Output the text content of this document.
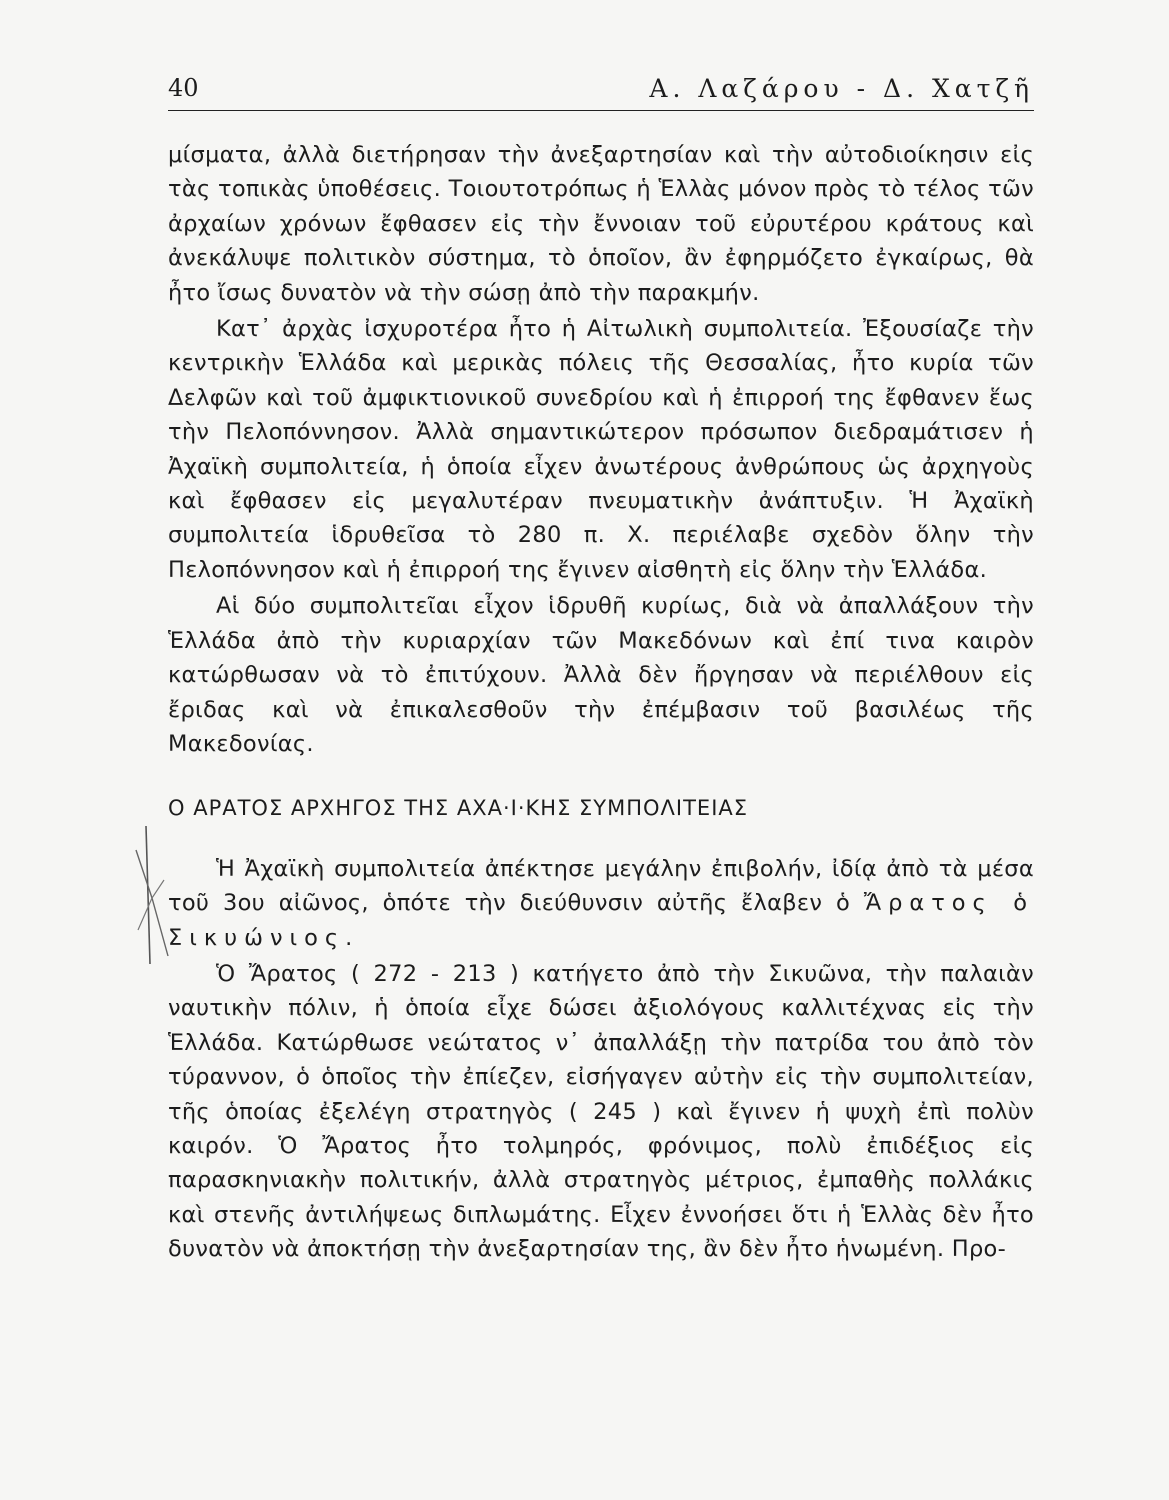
40	Α. Λαζάρου - Δ. Χατζῆ

μίσματα, ἀλλὰ διετήρησαν τὴν ἀνεξαρτησίαν καὶ τὴν αὐτοδιοίκησιν εἰς τὰς τοπικὰς ὑποθέσεις. Τοιουτοτρόπως ἡ Ἑλλὰς μόνον πρὸς τὸ τέλος τῶν ἀρχαίων χρόνων ἔφθασεν εἰς τὴν ἔννοιαν τοῦ εὐρυτέρου κράτους καὶ ἀνεκάλυψε πολιτικὸν σύστημα, τὸ ὁποῖον, ἂν ἐφηρμόζετο ἐγκαίρως, θὰ ἦτο ἴσως δυνατὸν νὰ τὴν σώσῃ ἀπὸ τὴν παρακμήν.

Κατ᾿ ἀρχὰς ἰσχυροτέρα ἦτο ἡ Αἰτωλικὴ συμπολιτεία. Ἐξουσίαζε τὴν κεντρικὴν Ἑλλάδα καὶ μερικὰς πόλεις τῆς Θεσσαλίας, ἦτο κυρία τῶν Δελφῶν καὶ τοῦ ἀμφικτιονικοῦ συνεδρίου καὶ ἡ ἐπιρροή της ἔφθανεν ἕως τὴν Πελοπόννησον. Ἀλλὰ σημαντικώτερον πρόσωπον διεδραμάτισεν ἡ Ἀχαϊκὴ συμπολιτεία, ἡ ὁποία εἶχεν ἀνωτέρους ἀνθρώπους ὡς ἀρχηγοὺς καὶ ἔφθασεν εἰς μεγαλυτέραν πνευματικὴν ἀνάπτυξιν. Ἡ Ἀχαϊκὴ συμπολιτεία ἱδρυθεῖσα τὸ 280 π. Χ. περιέλαβε σχεδὸν ὅλην τὴν Πελοπόννησον καὶ ἡ ἐπιρροή της ἔγινεν αἰσθητὴ εἰς ὅλην τὴν Ἑλλάδα.

Αἱ δύο συμπολιτεῖαι εἶχον ἱδρυθῆ κυρίως, διὰ νὰ ἀπαλλάξουν τὴν Ἑλλάδα ἀπὸ τὴν κυριαρχίαν τῶν Μακεδόνων καὶ ἐπί τινα καιρὸν κατώρθωσαν νὰ τὸ ἐπιτύχουν. Ἀλλὰ δὲν ἤργησαν νὰ περιέλθουν εἰς ἔριδας καὶ νὰ ἐπικαλεσθοῦν τὴν ἐπέμβασιν τοῦ βασιλέως τῆς Μακεδονίας.

Ο ΑΡΑΤΟΣ ΑΡΧΗΓΟΣ ΤΗΣ ΑΧΑ·Ι·ΚΗΣ ΣΥΜΠΟΛΙΤΕΙΑΣ

Ἡ Ἀχαϊκὴ συμπολιτεία ἀπέκτησε μεγάλην ἐπιβολήν, ἰδίᾳ ἀπὸ τὰ μέσα τοῦ 3ου αἰῶνος, ὁπότε τὴν διεύθυνσιν αὐτῆς ἔλαβεν ὁ Ἄρατος ὁ Σικυώνιος.

Ὁ Ἄρατος ( 272 - 213 ) κατήγετο ἀπὸ τὴν Σικυῶνα, τὴν παλαιὰν ναυτικὴν πόλιν, ἡ ὁποία εἶχε δώσει ἀξιολόγους καλλιτέχνας εἰς τὴν Ἑλλάδα. Κατώρθωσε νεώτατος ν᾿ ἀπαλλάξῃ τὴν πατρίδα του ἀπὸ τὸν τύραννον, ὁ ὁποῖος τὴν ἐπίεζεν, εἰσήγαγεν αὐτὴν εἰς τὴν συμπολιτείαν, τῆς ὁποίας ἐξελέγη στρατηγὸς ( 245 ) καὶ ἔγινεν ἡ ψυχὴ ἐπὶ πολὺν καιρόν. Ὁ Ἄρατος ἦτο τολμηρός, φρόνιμος, πολὺ ἐπιδέξιος εἰς παρασκηνιακὴν πολιτικήν, ἀλλὰ στρατηγὸς μέτριος, ἐμπαθὴς πολλάκις καὶ στενῆς ἀντιλήψεως διπλωμάτης. Εἶχεν ἐννοήσει ὅτι ἡ Ἑλλὰς δὲν ἦτο δυνατὸν νὰ ἀποκτήσῃ τὴν ἀνεξαρτησίαν της, ἂν δὲν ἦτο ἡνωμένη. Προ-
